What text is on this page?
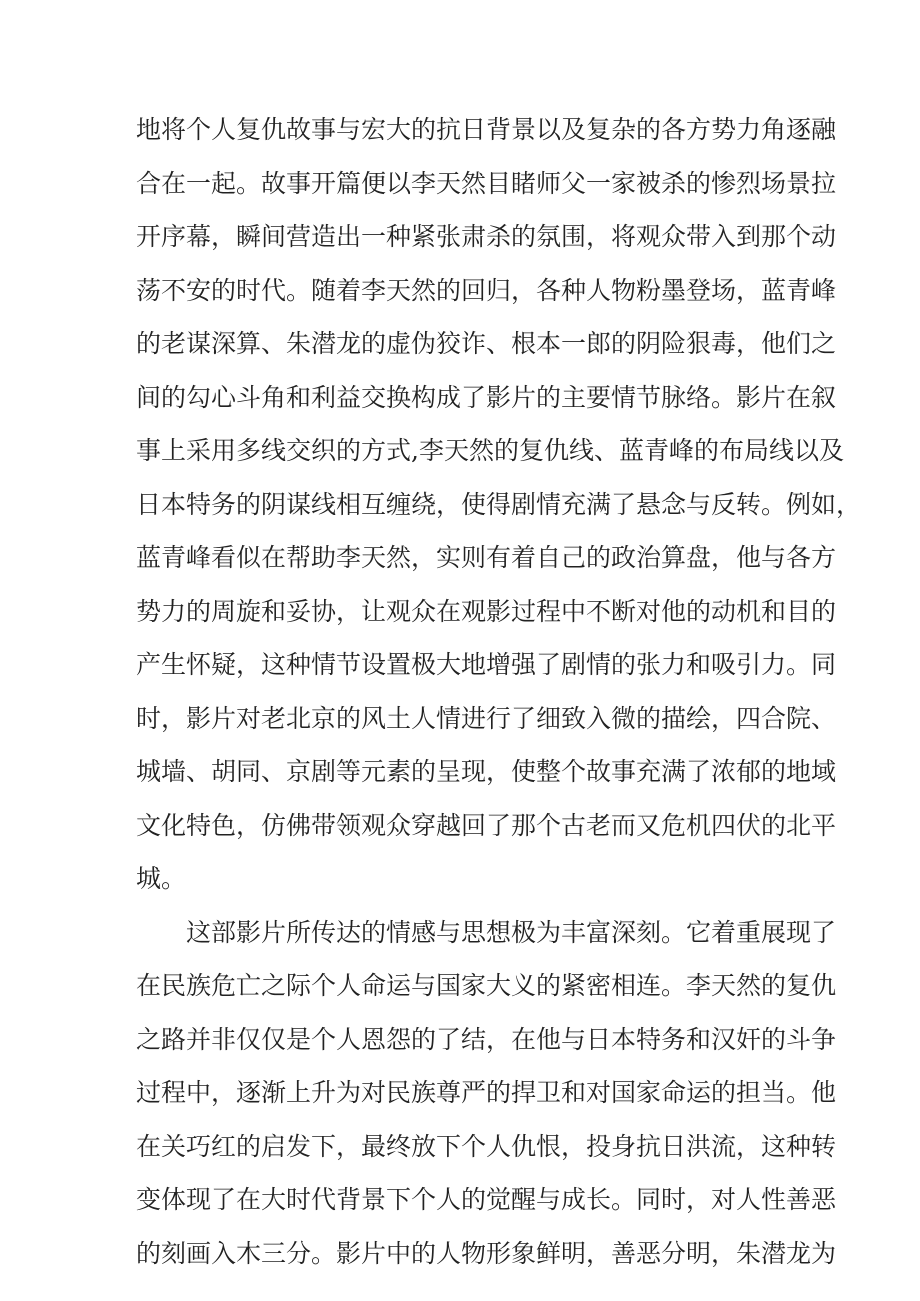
地将个人复仇故事与宏大的抗日背景以及复杂的各方势力角逐融
合在一起。故事开篇便以李天然目睹师父一家被杀的惨烈场景拉
开序幕，瞬间营造出一种紧张肃杀的氛围，将观众带入到那个动
荡不安的时代。随着李天然的回归，各种人物粉墨登场，蓝青峰
的老谋深算、朱潜龙的虚伪狡诈、根本一郎的阴险狠毒，他们之
间的勾心斗角和利益交换构成了影片的主要情节脉络。影片在叙
事上采用多线交织的方式,李天然的复仇线、蓝青峰的布局线以及
日本特务的阴谋线相互缠绕，使得剧情充满了悬念与反转。例如，
蓝青峰看似在帮助李天然，实则有着自己的政治算盘，他与各方
势力的周旋和妥协，让观众在观影过程中不断对他的动机和目的
产生怀疑，这种情节设置极大地增强了剧情的张力和吸引力。同
时，影片对老北京的风土人情进行了细致入微的描绘，四合院、
城墙、胡同、京剧等元素的呈现，使整个故事充满了浓郁的地域
文化特色，仿佛带领观众穿越回了那个古老而又危机四伏的北平
城。
　　这部影片所传达的情感与思想极为丰富深刻。它着重展现了
在民族危亡之际个人命运与国家大义的紧密相连。李天然的复仇
之路并非仅仅是个人恩怨的了结，在他与日本特务和汉奸的斗争
过程中，逐渐上升为对民族尊严的捍卫和对国家命运的担当。他
在关巧红的启发下，最终放下个人仇恨，投身抗日洪流，这种转
变体现了在大时代背景下个人的觉醒与成长。同时，对人性善恶
的刻画入木三分。影片中的人物形象鲜明，善恶分明，朱潜龙为
